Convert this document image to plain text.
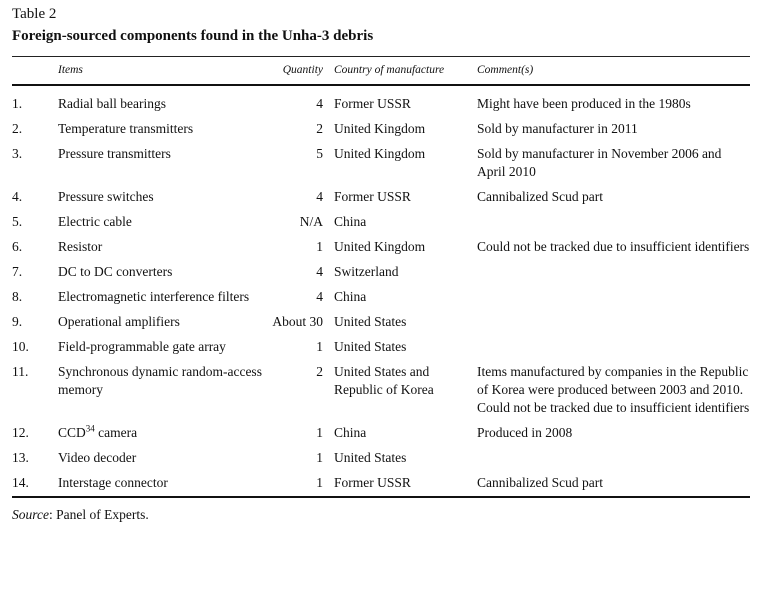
Table 2
Foreign-sourced components found in the Unha-3 debris
	Items	Quantity	Country of manufacture	Comment(s)

1.	Radial ball bearings	4	Former USSR	Might have been produced in the 1980s
2.	Temperature transmitters	2	United Kingdom	Sold by manufacturer in 2011
3.	Pressure transmitters	5	United Kingdom	Sold by manufacturer in November 2006 and April 2010
4.	Pressure switches	4	Former USSR	Cannibalized Scud part
5.	Electric cable	N/A	China	
6.	Resistor	1	United Kingdom	Could not be tracked due to insufficient identifiers
7.	DC to DC converters	4	Switzerland	
8.	Electromagnetic interference filters	4	China	
9.	Operational amplifiers	About 30	United States	
10.	Field-programmable gate array	1	United States	
11.	Synchronous dynamic random-access memory	2	United States and Republic of Korea	Items manufactured by companies in the Republic of Korea were produced between 2003 and 2010. Could not be tracked due to insufficient identifiers
12.	CCD$^{34}$ camera	1	China	Produced in 2008
13.	Video decoder	1	United States	
14.	Interstage connector	1	Former USSR	Cannibalized Scud part
Source: Panel of Experts.
